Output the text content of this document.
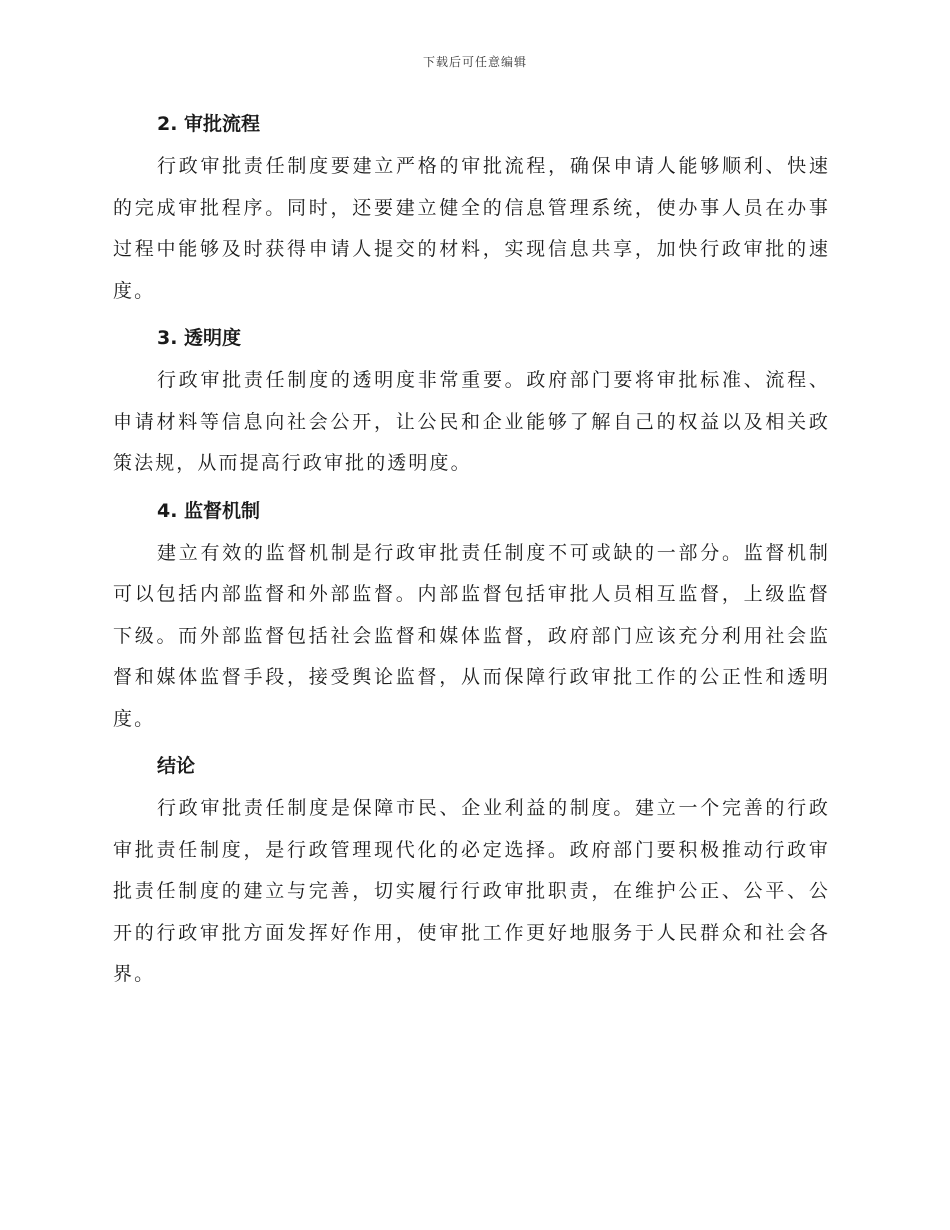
下载后可任意编辑
2. 审批流程

行政审批责任制度要建立严格的审批流程，确保申请人能够顺利、快速的完成审批程序。同时，还要建立健全的信息管理系统，使办事人员在办事过程中能够及时获得申请人提交的材料，实现信息共享，加快行政审批的速度。

3. 透明度

行政审批责任制度的透明度非常重要。政府部门要将审批标准、流程、申请材料等信息向社会公开，让公民和企业能够了解自己的权益以及相关政策法规，从而提高行政审批的透明度。

4. 监督机制

建立有效的监督机制是行政审批责任制度不可或缺的一部分。监督机制可以包括内部监督和外部监督。内部监督包括审批人员相互监督，上级监督下级。而外部监督包括社会监督和媒体监督，政府部门应该充分利用社会监督和媒体监督手段，接受舆论监督，从而保障行政审批工作的公正性和透明度。

结论

行政审批责任制度是保障市民、企业利益的制度。建立一个完善的行政审批责任制度，是行政管理现代化的必定选择。政府部门要积极推动行政审批责任制度的建立与完善，切实履行行政审批职责，在维护公正、公平、公开的行政审批方面发挥好作用，使审批工作更好地服务于人民群众和社会各界。
